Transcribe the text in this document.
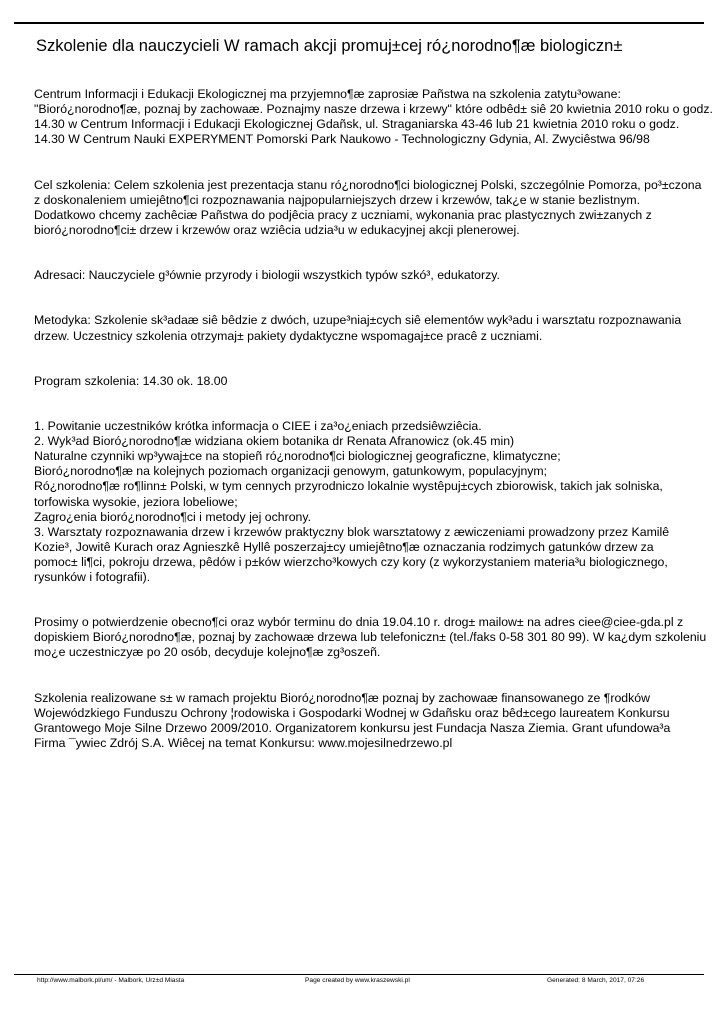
Szkolenie dla nauczycieli W ramach akcji promuj±cej ró¿norodno¶æ biologiczn±

Centrum Informacji i Edukacji Ekologicznej ma przyjemno¶æ zaprosiæ Pañstwa na szkolenia zatytu³owane:
"Bioró¿norodno¶æ, poznaj by zachowaæ. Poznajmy nasze drzewa i krzewy" które odbêd± siê 20 kwietnia 2010 roku o godz.
14.30 w Centrum Informacji i Edukacji Ekologicznej Gdañsk, ul. Straganiarska 43-46 lub 21 kwietnia 2010 roku o godz.
14.30 W Centrum Nauki EXPERYMENT Pomorski Park Naukowo - Technologiczny Gdynia, Al. Zwyciêstwa 96/98

Cel szkolenia: Celem szkolenia jest prezentacja stanu ró¿norodno¶ci biologicznej Polski, szczególnie Pomorza, po³±czona
z doskonaleniem umiejêtno¶ci rozpoznawania najpopularniejszych drzew i krzewów, tak¿e w stanie bezlistnym.
Dodatkowo chcemy zachêciæ Pañstwa do podjêcia pracy z uczniami, wykonania prac plastycznych zwi±zanych z
bioró¿norodno¶ci± drzew i krzewów oraz wziêcia udzia³u w edukacyjnej akcji plenerowej.

Adresaci: Nauczyciele g³ównie przyrody i biologii wszystkich typów szkó³, edukatorzy.

Metodyka: Szkolenie sk³adaæ siê bêdzie z dwóch, uzupe³niaj±cych siê elementów wyk³adu i warsztatu rozpoznawania
drzew. Uczestnicy szkolenia otrzymaj± pakiety dydaktyczne wspomagaj±ce pracê z uczniami.

Program szkolenia: 14.30 ok. 18.00

1. Powitanie uczestników krótka informacja o CIEE i za³o¿eniach przedsiêwziêcia.
2. Wyk³ad Bioró¿norodno¶æ widziana okiem botanika dr Renata Afranowicz (ok.45 min)
Naturalne czynniki wp³ywaj±ce na stopieñ ró¿norodno¶ci biologicznej geograficzne, klimatyczne;
Bioró¿norodno¶æ na kolejnych poziomach organizacji genowym, gatunkowym, populacyjnym;
Ró¿norodno¶æ ro¶linn± Polski, w tym cennych przyrodniczo lokalnie wystêpuj±cych zbiorowisk, takich jak solniska,
torfowiska wysokie, jeziora lobeliowe;
Zagro¿enia bioró¿norodno¶ci i metody jej ochrony.
3. Warsztaty rozpoznawania drzew i krzewów praktyczny blok warsztatowy z æwiczeniami prowadzony przez Kamilê
Kozie³, Jowitê Kurach oraz Agnieszkê Hyllê poszerzaj±cy umiejêtno¶æ oznaczania rodzimych gatunków drzew za
pomoc± li¶ci, pokroju drzewa, pêdów i p±ków wierzcho³kowych czy kory (z wykorzystaniem materia³u biologicznego,
rysunków i fotografii).

Prosimy o potwierdzenie obecno¶ci oraz wybór terminu do dnia 19.04.10 r. drog± mailow± na adres ciee@ciee-gda.pl z
dopiskiem Bioró¿norodno¶æ, poznaj by zachowaæ drzewa lub telefoniczn± (tel./faks 0-58 301 80 99). W ka¿dym szkoleniu
mo¿e uczestniczyæ po 20 osób, decyduje kolejno¶æ zg³oszeñ.

Szkolenia realizowane s± w ramach projektu Bioró¿norodno¶æ poznaj by zachowaæ finansowanego ze ¶rodków
Wojewódzkiego Funduszu Ochrony ¦rodowiska i Gospodarki Wodnej w Gdañsku oraz bêd±cego laureatem Konkursu
Grantowego Moje Silne Drzewo 2009/2010. Organizatorem konkursu jest Fundacja Nasza Ziemia. Grant ufundowa³a
Firma ¯ywiec Zdrój S.A. Wiêcej na temat Konkursu: www.mojesilnedrzewo.pl

http://www.malbork.pl/um/ - Malbork, Urz±d Miasta	Page created by www.kraszewski.pl	Generated: 8 March, 2017, 07:26
